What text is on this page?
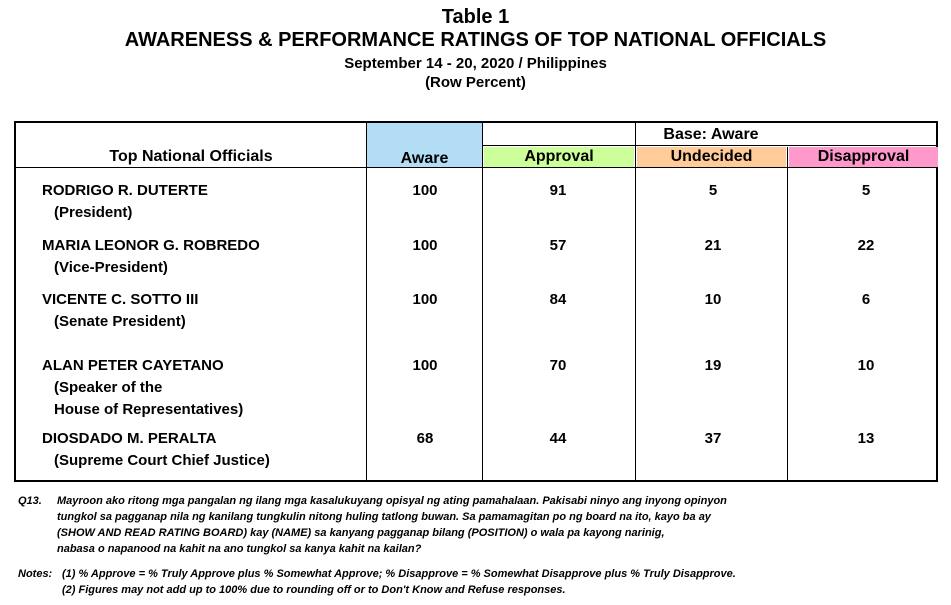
Table 1
AWARENESS & PERFORMANCE RATINGS OF TOP NATIONAL OFFICIALS
September 14 - 20, 2020 / Philippines
(Row Percent)
Approval	Undecided	Disapproval
Top National Officials	Aware
Base: Aware
RODRIGO R. DUTERTE
(President)
100	91	5	5
MARIA LEONOR G. ROBREDO
(Vice-President)
100	57	21	22
VICENTE C. SOTTO III
(Senate President)
100	84	10	6
ALAN PETER CAYETANO
(Speaker of the
House of Representatives)
100	70	19	10
DIOSDADO M. PERALTA
(Supreme Court Chief Justice)
68	44	37	13
Q13. Mayroon ako ritong mga pangalan ng ilang mga kasalukuyang opisyal ng ating pamahalaan. Pakisabi ninyo ang inyong opinyon
tungkol sa pagganap nila ng kanilang tungkulin nitong huling tatlong buwan. Sa pamamagitan po ng board na ito, kayo ba ay
(SHOW AND READ RATING BOARD) kay (NAME) sa kanyang pagganap bilang (POSITION) o wala pa kayong narinig,
nabasa o napanood na kahit na ano tungkol sa kanya kahit na kailan?
Notes: (1) % Approve = % Truly Approve plus % Somewhat Approve; % Disapprove = % Somewhat Disapprove plus % Truly Disapprove.
(2) Figures may not add up to 100% due to rounding off or to Don't Know and Refuse responses.
